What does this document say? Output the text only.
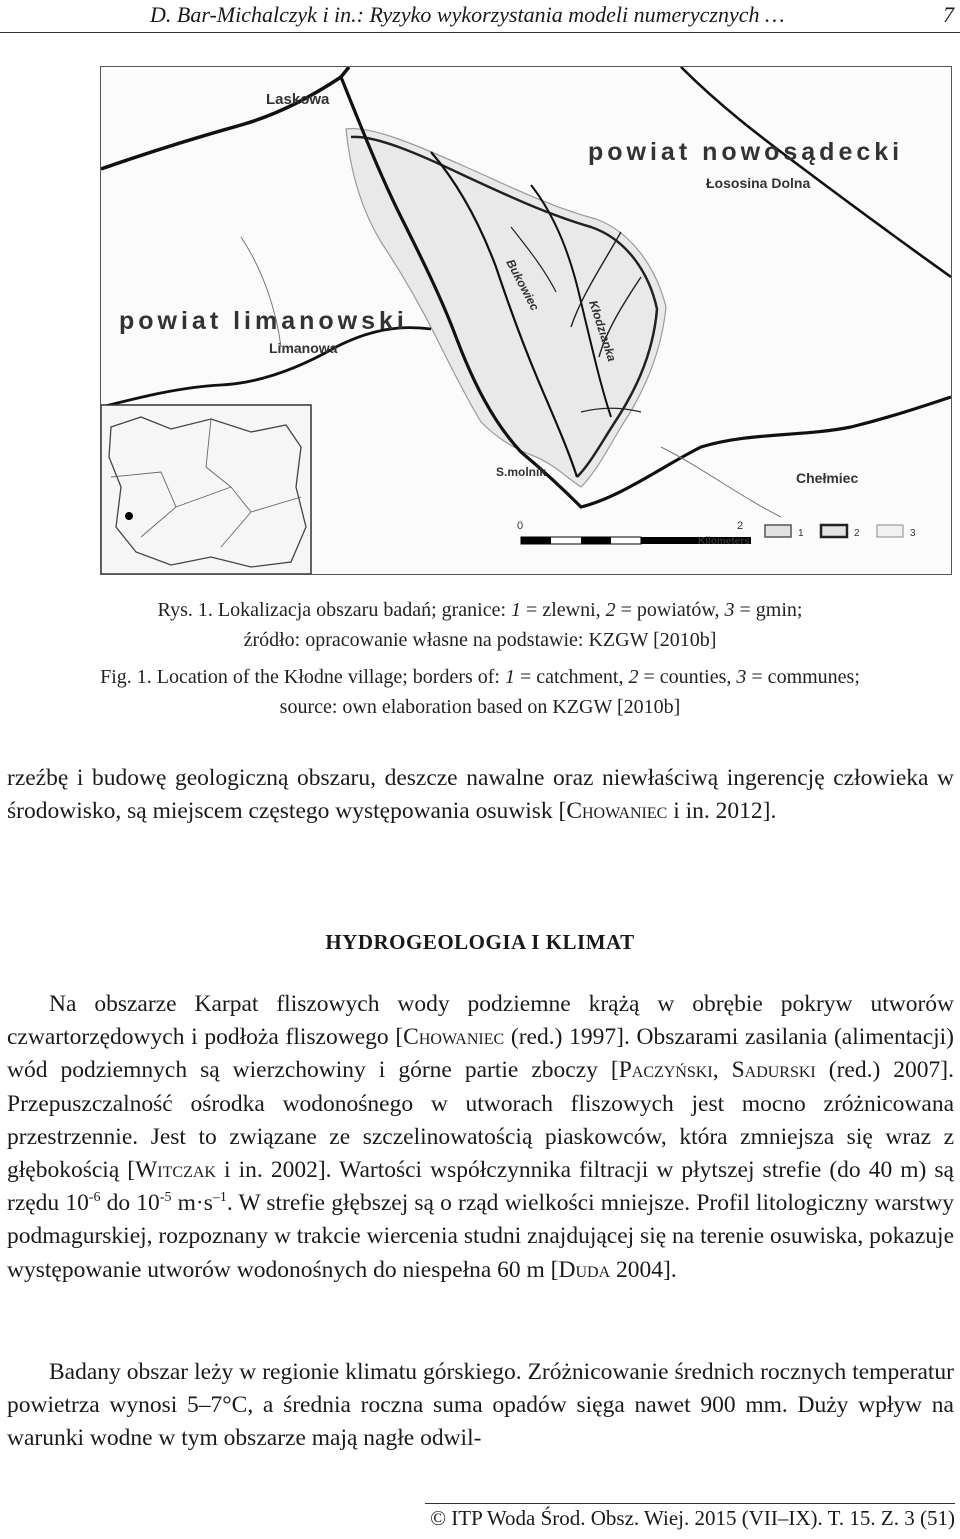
D. Bar-Michalczyk i in.: Ryzyko wykorzystania modeli numerycznych …	7
Laskowa
powiat nowosądecki
Łososina Dolna
powiat limanowski
Limanowa
Bukowiec
Kłodzianka
S.molnik	Chełmiec
0	2
Kilometers
1	2	3
Rys. 1. Lokalizacja obszaru badań; granice: 1 = zlewni, 2 = powiatów, 3 = gmin;
źródło: opracowanie własne na podstawie: KZGW [2010b]
Fig. 1. Location of the Kłodne village; borders of: 1 = catchment, 2 = counties, 3 = communes;
source: own elaboration based on KZGW [2010b]
rzeźbę i budowę geologiczną obszaru, deszcze nawalne oraz niewłaściwą ingerencję człowieka w środowisko, są miejscem częstego występowania osuwisk [Chowaniec i in. 2012].
HYDROGEOLOGIA I KLIMAT
Na obszarze Karpat fliszowych wody podziemne krążą w obrębie pokryw utworów czwartorzędowych i podłoża fliszowego [Chowaniec (red.) 1997]. Obszarami zasilania (alimentacji) wód podziemnych są wierzchowiny i górne partie zboczy [Paczyński, Sadurski (red.) 2007]. Przepuszczalność ośrodka wodonośnego w utworach fliszowych jest mocno zróżnicowana przestrzennie. Jest to związane ze szczelinowatością piaskowców, która zmniejsza się wraz z głębokością [Witczak i in. 2002]. Wartości współczynnika filtracji w płytszej strefie (do 40 m) są rzędu $10^{-6}$ do $10^{-5}$ $m\cdot s^{-1}$. W strefie głębszej są o rząd wielkości mniejsze. Profil litologiczny warstwy podmagurskiej, rozpoznany w trakcie wiercenia studni znajdującej się na terenie osuwiska, pokazuje występowanie utworów wodonośnych do niespełna 60 m [Duda 2004].
Badany obszar leży w regionie klimatu górskiego. Zróżnicowanie średnich rocznych temperatur powietrza wynosi 5–7°C, a średnia roczna suma opadów sięga nawet 900 mm. Duży wpływ na warunki wodne w tym obszarze mają nagłe odwil-
© ITP Woda Środ. Obsz. Wiej. 2015 (VII–IX). T. 15. Z. 3 (51)
